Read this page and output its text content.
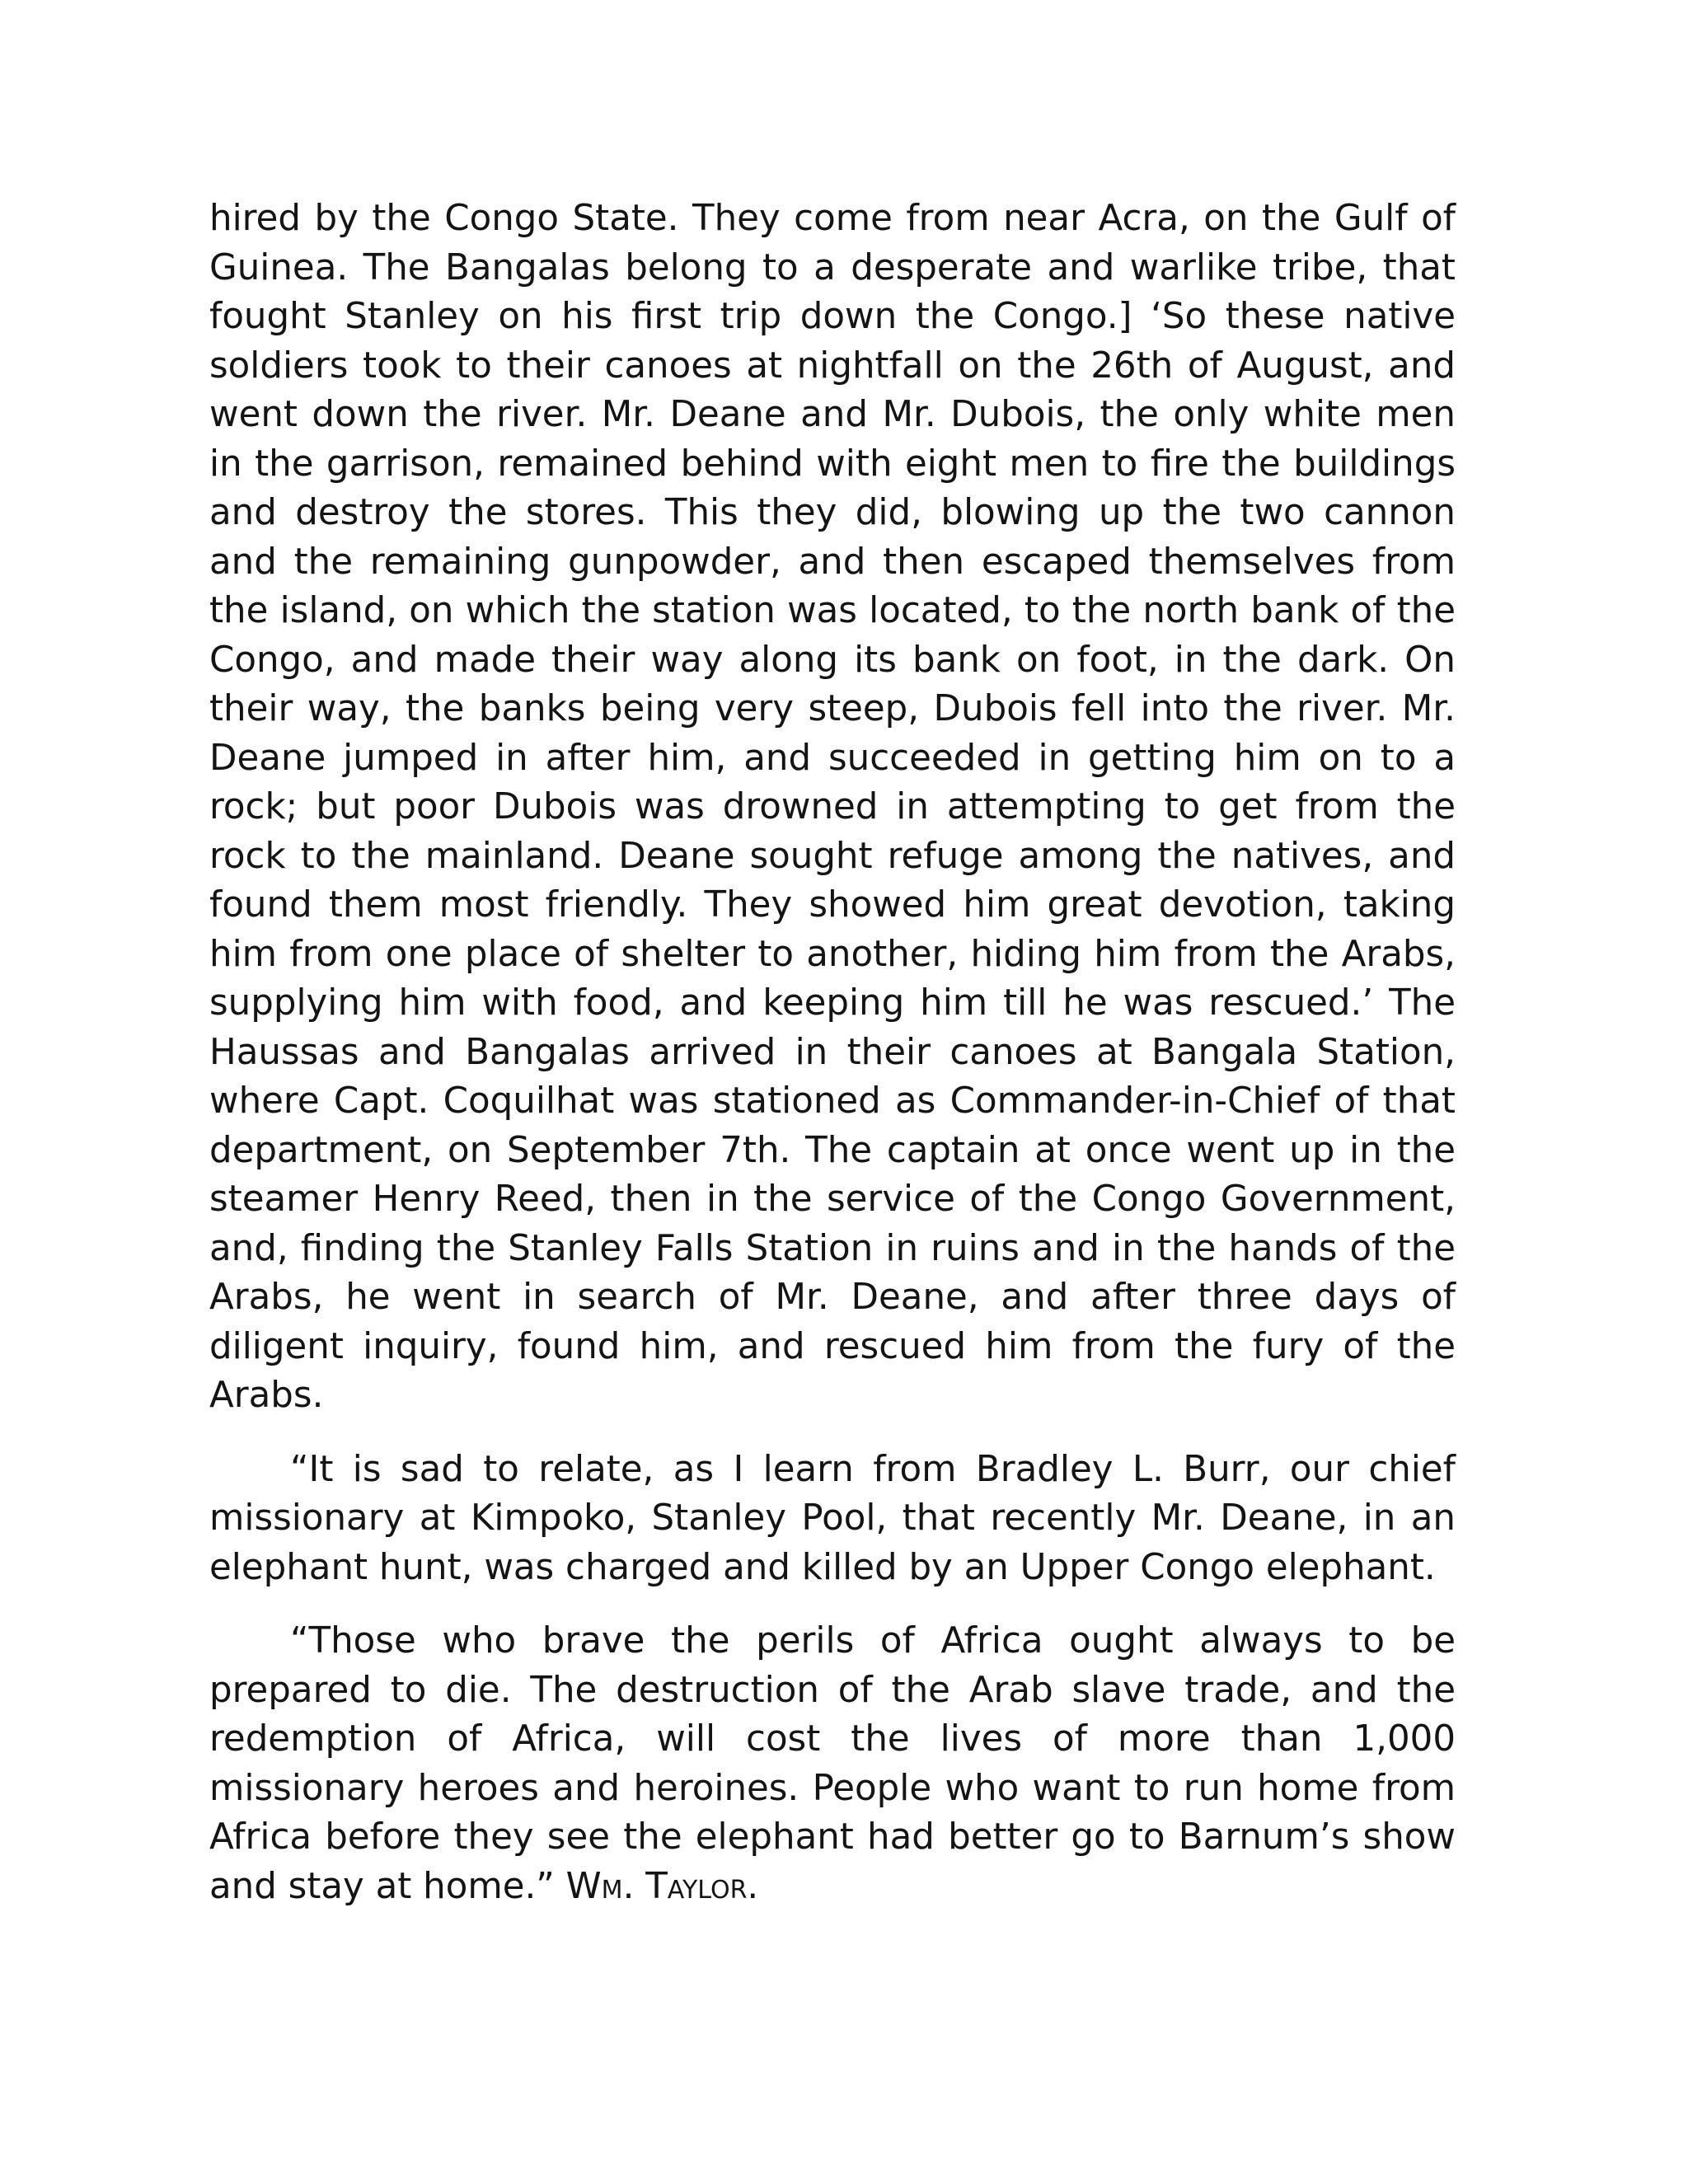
hired by the Congo State. They come from near Acra, on the Gulf of Guinea. The Bangalas belong to a desperate and warlike tribe, that fought Stanley on his first trip down the Congo.] ‘So these native soldiers took to their canoes at nightfall on the 26th of August, and went down the river. Mr. Deane and Mr. Dubois, the only white men in the garrison, remained behind with eight men to fire the buildings and destroy the stores. This they did, blowing up the two cannon and the remaining gunpowder, and then escaped themselves from the island, on which the station was located, to the north bank of the Congo, and made their way along its bank on foot, in the dark. On their way, the banks being very steep, Dubois fell into the river. Mr. Deane jumped in after him, and succeeded in getting him on to a rock; but poor Dubois was drowned in attempting to get from the rock to the mainland. Deane sought refuge among the natives, and found them most friendly. They showed him great devotion, taking him from one place of shelter to another, hiding him from the Arabs, supplying him with food, and keeping him till he was rescued.’ The Haussas and Bangalas arrived in their canoes at Bangala Station, where Capt. Coquilhat was stationed as Commander-in-Chief of that department, on September 7th. The captain at once went up in the steamer Henry Reed, then in the service of the Congo Government, and, finding the Stanley Falls Station in ruins and in the hands of the Arabs, he went in search of Mr. Deane, and after three days of diligent inquiry, found him, and rescued him from the fury of the Arabs.

“It is sad to relate, as I learn from Bradley L. Burr, our chief missionary at Kimpoko, Stanley Pool, that recently Mr. Deane, in an elephant hunt, was charged and killed by an Upper Congo elephant.

“Those who brave the perils of Africa ought always to be prepared to die. The destruction of the Arab slave trade, and the redemption of Africa, will cost the lives of more than 1,000 missionary heroes and heroines. People who want to run home from Africa before they see the elephant had better go to Barnum’s show and stay at home.” Wm. Taylor.
